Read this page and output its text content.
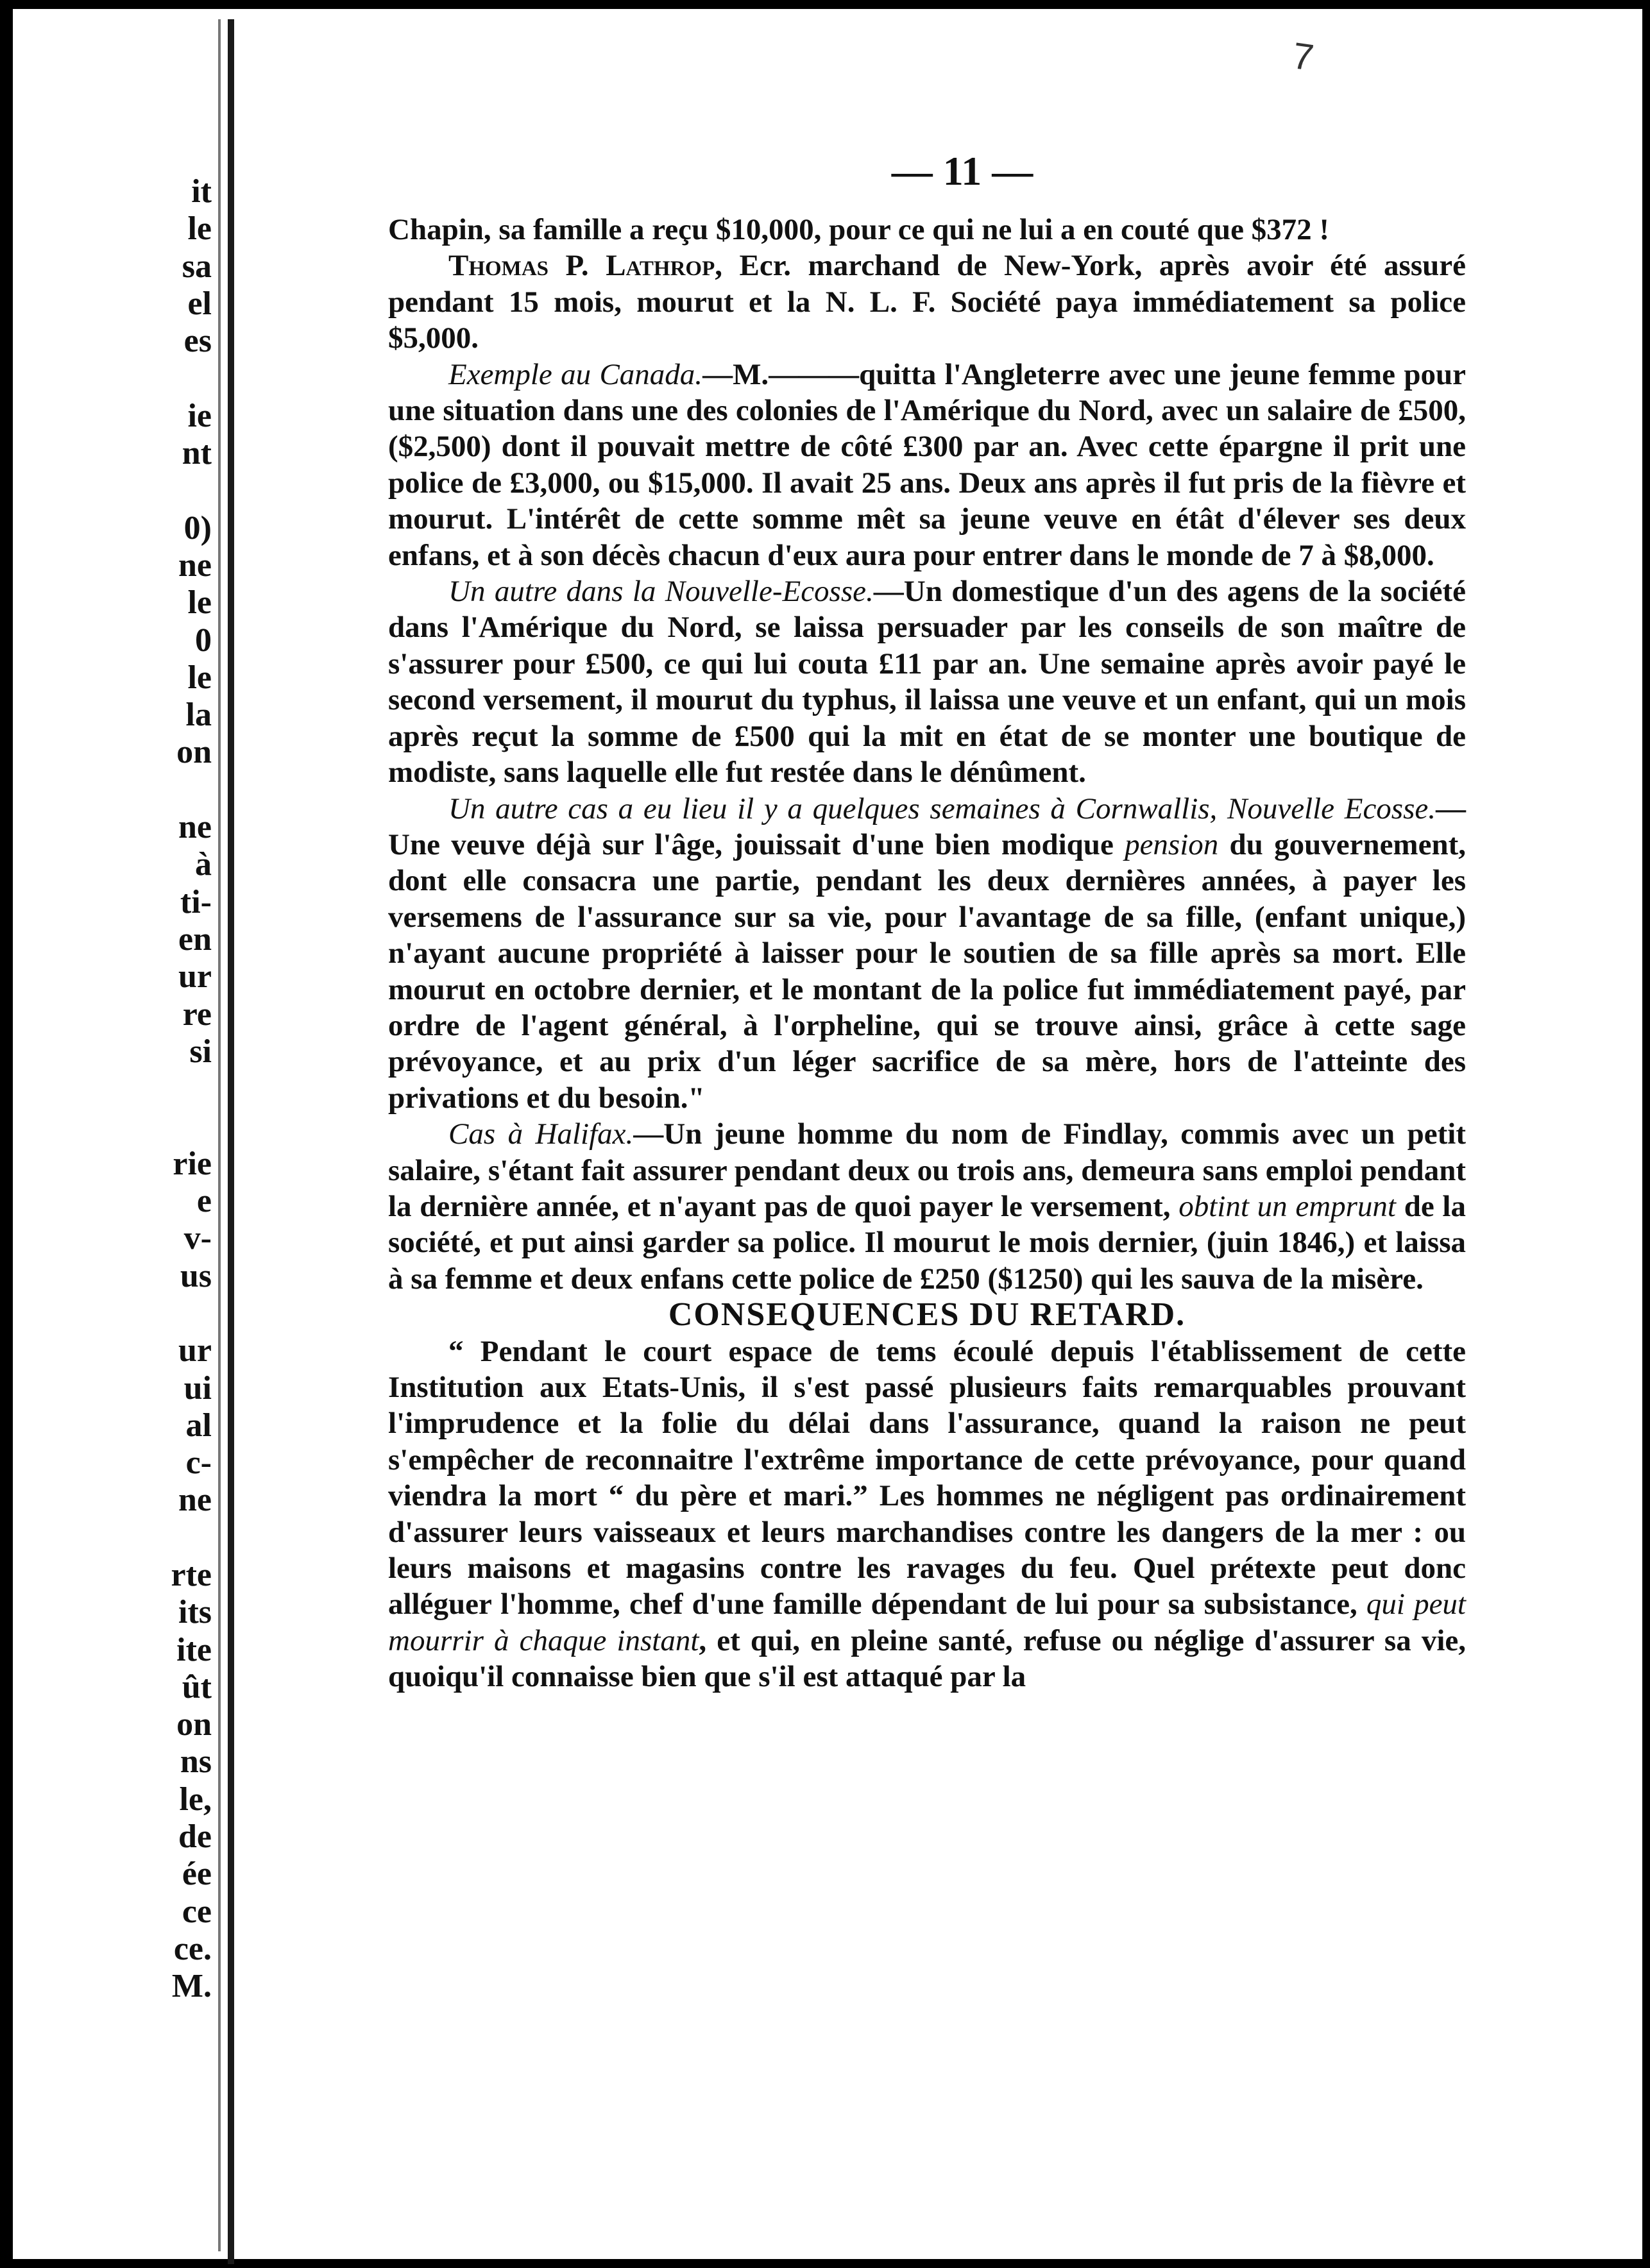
it
le
sa
el
es
ie
nt
0)
ne
le
0
le
la
on
ne
à
ti-
en
ur
re
si
rie
e
v-
us
ur
ui
al
c-
ne
rte
its
ite
ût
on
ns
le,
de
ée
ce
ce.
M.
7
— 11 —

Chapin, sa famille a reçu $10,000, pour ce qui ne lui a en couté que $372 !

Thomas P. Lathrop, Ecr. marchand de New-York, après avoir été assuré pendant 15 mois, mourut et la N. L. F. Société paya immédiatement sa police $5,000.

Exemple au Canada.—M.———quitta l'Angleterre avec une jeune femme pour une situation dans une des colonies de l'Amérique du Nord, avec un salaire de £500, ($2,500) dont il pouvait mettre de côté £300 par an. Avec cette épargne il prit une police de £3,000, ou $15,000. Il avait 25 ans. Deux ans après il fut pris de la fièvre et mourut. L'intérêt de cette somme mêt sa jeune veuve en étât d'élever ses deux enfans, et à son décès chacun d'eux aura pour entrer dans le monde de 7 à $8,000.

Un autre dans la Nouvelle-Ecosse.—Un domestique d'un des agens de la société dans l'Amérique du Nord, se laissa persuader par les conseils de son maître de s'assurer pour £500, ce qui lui couta £11 par an. Une semaine après avoir payé le second versement, il mourut du typhus, il laissa une veuve et un enfant, qui un mois après reçut la somme de £500 qui la mit en état de se monter une boutique de modiste, sans laquelle elle fut restée dans le dénûment.

Un autre cas a eu lieu il y a quelques semaines à Cornwallis, Nouvelle Ecosse.—Une veuve déjà sur l'âge, jouissait d'une bien modique pension du gouvernement, dont elle consacra une partie, pendant les deux dernières années, à payer les versemens de l'assurance sur sa vie, pour l'avantage de sa fille, (enfant unique,) n'ayant aucune propriété à laisser pour le soutien de sa fille après sa mort. Elle mourut en octobre dernier, et le montant de la police fut immédiatement payé, par ordre de l'agent général, à l'orpheline, qui se trouve ainsi, grâce à cette sage prévoyance, et au prix d'un léger sacrifice de sa mère, hors de l'atteinte des privations et du besoin."

Cas à Halifax.—Un jeune homme du nom de Findlay, commis avec un petit salaire, s'étant fait assurer pendant deux ou trois ans, demeura sans emploi pendant la dernière année, et n'ayant pas de quoi payer le versement, obtint un emprunt de la société, et put ainsi garder sa police. Il mourut le mois dernier, (juin 1846,) et laissa à sa femme et deux enfans cette police de £250 ($1250) qui les sauva de la misère.

CONSEQUENCES DU RETARD.

“ Pendant le court espace de tems écoulé depuis l'établissement de cette Institution aux Etats-Unis, il s'est passé plusieurs faits remarquables prouvant l'imprudence et la folie du délai dans l'assurance, quand la raison ne peut s'empêcher de reconnaitre l'extrême importance de cette prévoyance, pour quand viendra la mort “ du père et mari.” Les hommes ne négligent pas ordinairement d'assurer leurs vaisseaux et leurs marchandises contre les dangers de la mer : ou leurs maisons et magasins contre les ravages du feu. Quel prétexte peut donc alléguer l'homme, chef d'une famille dépendant de lui pour sa subsistance, qui peut mourrir à chaque instant, et qui, en pleine santé, refuse ou néglige d'assurer sa vie, quoiqu'il connaisse bien que s'il est attaqué par la
